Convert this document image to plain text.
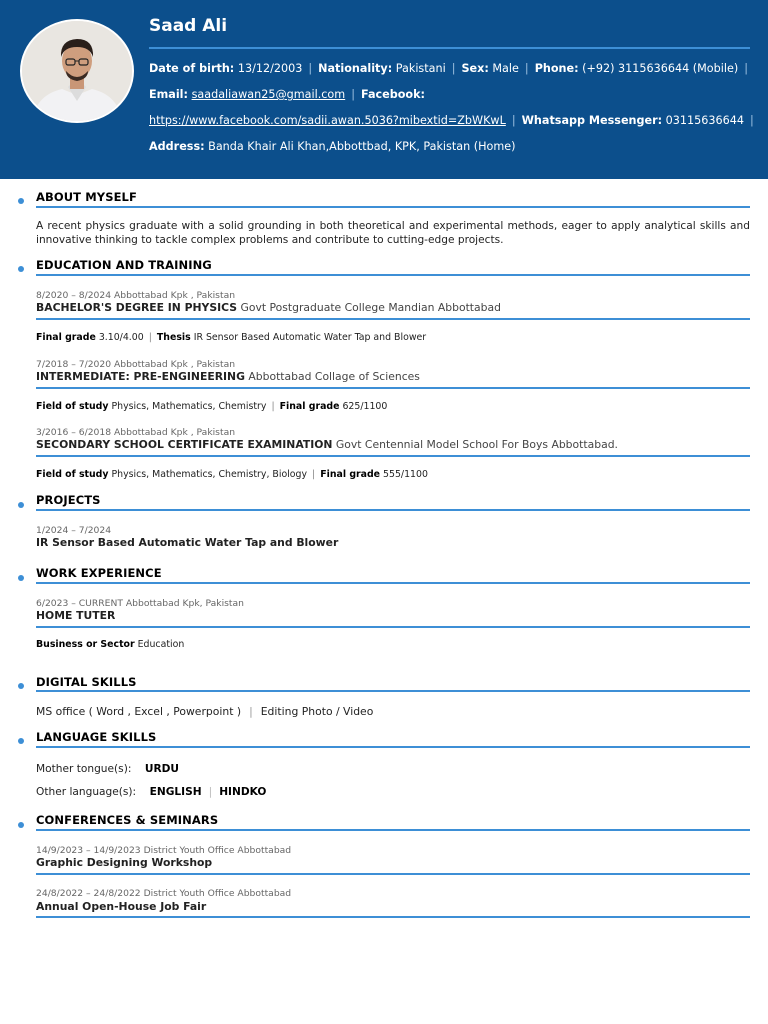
Saad Ali
Date of birth: 13/12/2003 | Nationality: Pakistani | Sex: Male | Phone: (+92) 3115636644 (Mobile) |
Email: saadaliawan25@gmail.com | Facebook:
https://www.facebook.com/sadii.awan.5036?mibextid=ZbWKwL | Whatsapp Messenger: 03115636644 |
Address: Banda Khair Ali Khan,Abbottbad, KPK, Pakistan (Home)
ABOUT MYSELF
A recent physics graduate with a solid grounding in both theoretical and experimental methods, eager to apply analytical skills and innovative thinking to tackle complex problems and contribute to cutting-edge projects.
EDUCATION AND TRAINING
8/2020 – 8/2024 Abbottabad Kpk , Pakistan
BACHELOR'S DEGREE IN PHYSICS Govt Postgraduate College Mandian Abbottabad
Final grade 3.10/4.00 | Thesis IR Sensor Based Automatic Water Tap and Blower
7/2018 – 7/2020 Abbottabad Kpk , Pakistan
INTERMEDIATE: PRE-ENGINEERING Abbottabad Collage of Sciences
Field of study Physics, Mathematics, Chemistry | Final grade 625/1100
3/2016 – 6/2018 Abbottabad Kpk , Pakistan
SECONDARY SCHOOL CERTIFICATE EXAMINATION Govt Centennial Model School For Boys Abbottabad.
Field of study Physics, Mathematics, Chemistry, Biology | Final grade 555/1100
PROJECTS
1/2024 – 7/2024
IR Sensor Based Automatic Water Tap and Blower
WORK EXPERIENCE
6/2023 – CURRENT Abbottabad Kpk, Pakistan
HOME TUTER
Business or Sector Education
DIGITAL SKILLS
MS office ( Word , Excel , Powerpoint ) | Editing Photo / Video
LANGUAGE SKILLS
Mother tongue(s): URDU
Other language(s): ENGLISH | HINDKO
CONFERENCES & SEMINARS
14/9/2023 – 14/9/2023 District Youth Office Abbottabad
Graphic Designing Workshop
24/8/2022 – 24/8/2022 District Youth Office Abbottabad
Annual Open-House Job Fair
